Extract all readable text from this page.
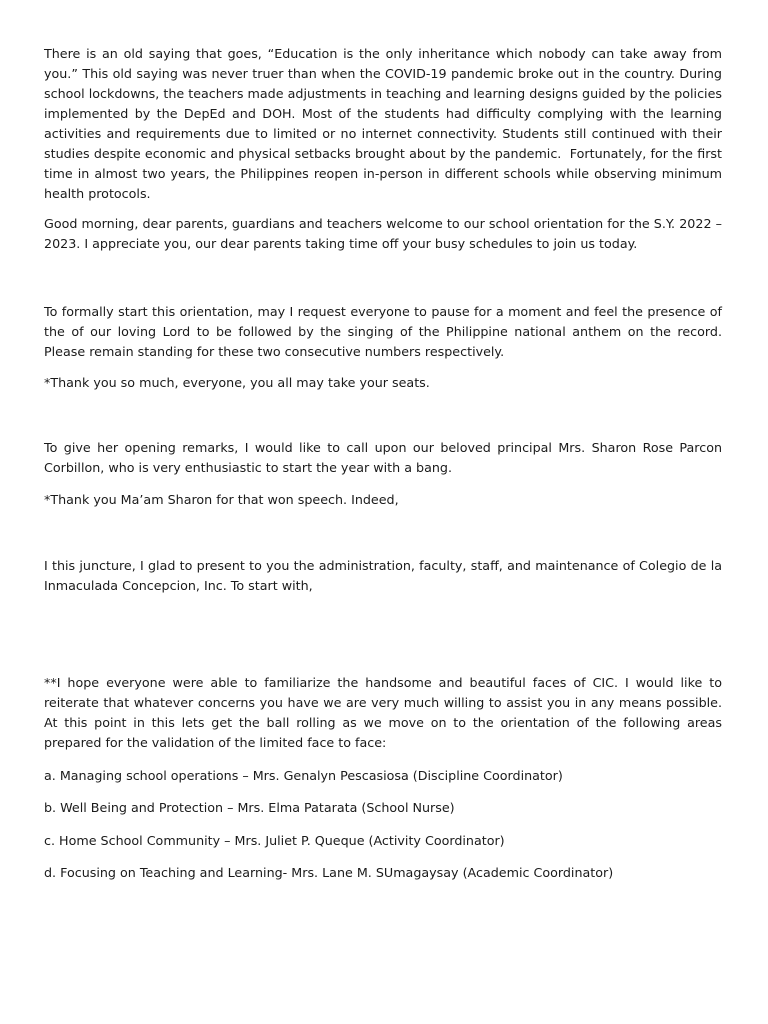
There is an old saying that goes, “Education is the only inheritance which nobody can take away from you.” This old saying was never truer than when the COVID-19 pandemic broke out in the country. During school lockdowns, the teachers made adjustments in teaching and learning designs guided by the policies implemented by the DepEd and DOH. Most of the students had difficulty complying with the learning activities and requirements due to limited or no internet connectivity. Students still continued with their studies despite economic and physical setbacks brought about by the pandemic.  Fortunately, for the first time in almost two years, the Philippines reopen in-person in different schools while observing minimum health protocols.

Good morning, dear parents, guardians and teachers welcome to our school orientation for the S.Y. 2022 – 2023. I appreciate you, our dear parents taking time off your busy schedules to join us today.

To formally start this orientation, may I request everyone to pause for a moment and feel the presence of the of our loving Lord to be followed by the singing of the Philippine national anthem on the record. Please remain standing for these two consecutive numbers respectively.

*Thank you so much, everyone, you all may take your seats.

To give her opening remarks, I would like to call upon our beloved principal Mrs. Sharon Rose Parcon Corbillon, who is very enthusiastic to start the year with a bang.

*Thank you Ma’am Sharon for that won speech. Indeed,

I this juncture, I glad to present to you the administration, faculty, staff, and maintenance of Colegio de la Inmaculada Concepcion, Inc. To start with,

**I hope everyone were able to familiarize the handsome and beautiful faces of CIC. I would like to reiterate that whatever concerns you have we are very much willing to assist you in any means possible. At this point in this lets get the ball rolling as we move on to the orientation of the following areas prepared for the validation of the limited face to face:

a. Managing school operations – Mrs. Genalyn Pescasiosa (Discipline Coordinator)

b. Well Being and Protection – Mrs. Elma Patarata (School Nurse)

c. Home School Community – Mrs. Juliet P. Queque (Activity Coordinator)

d. Focusing on Teaching and Learning- Mrs. Lane M. SUmagaysay (Academic Coordinator)
